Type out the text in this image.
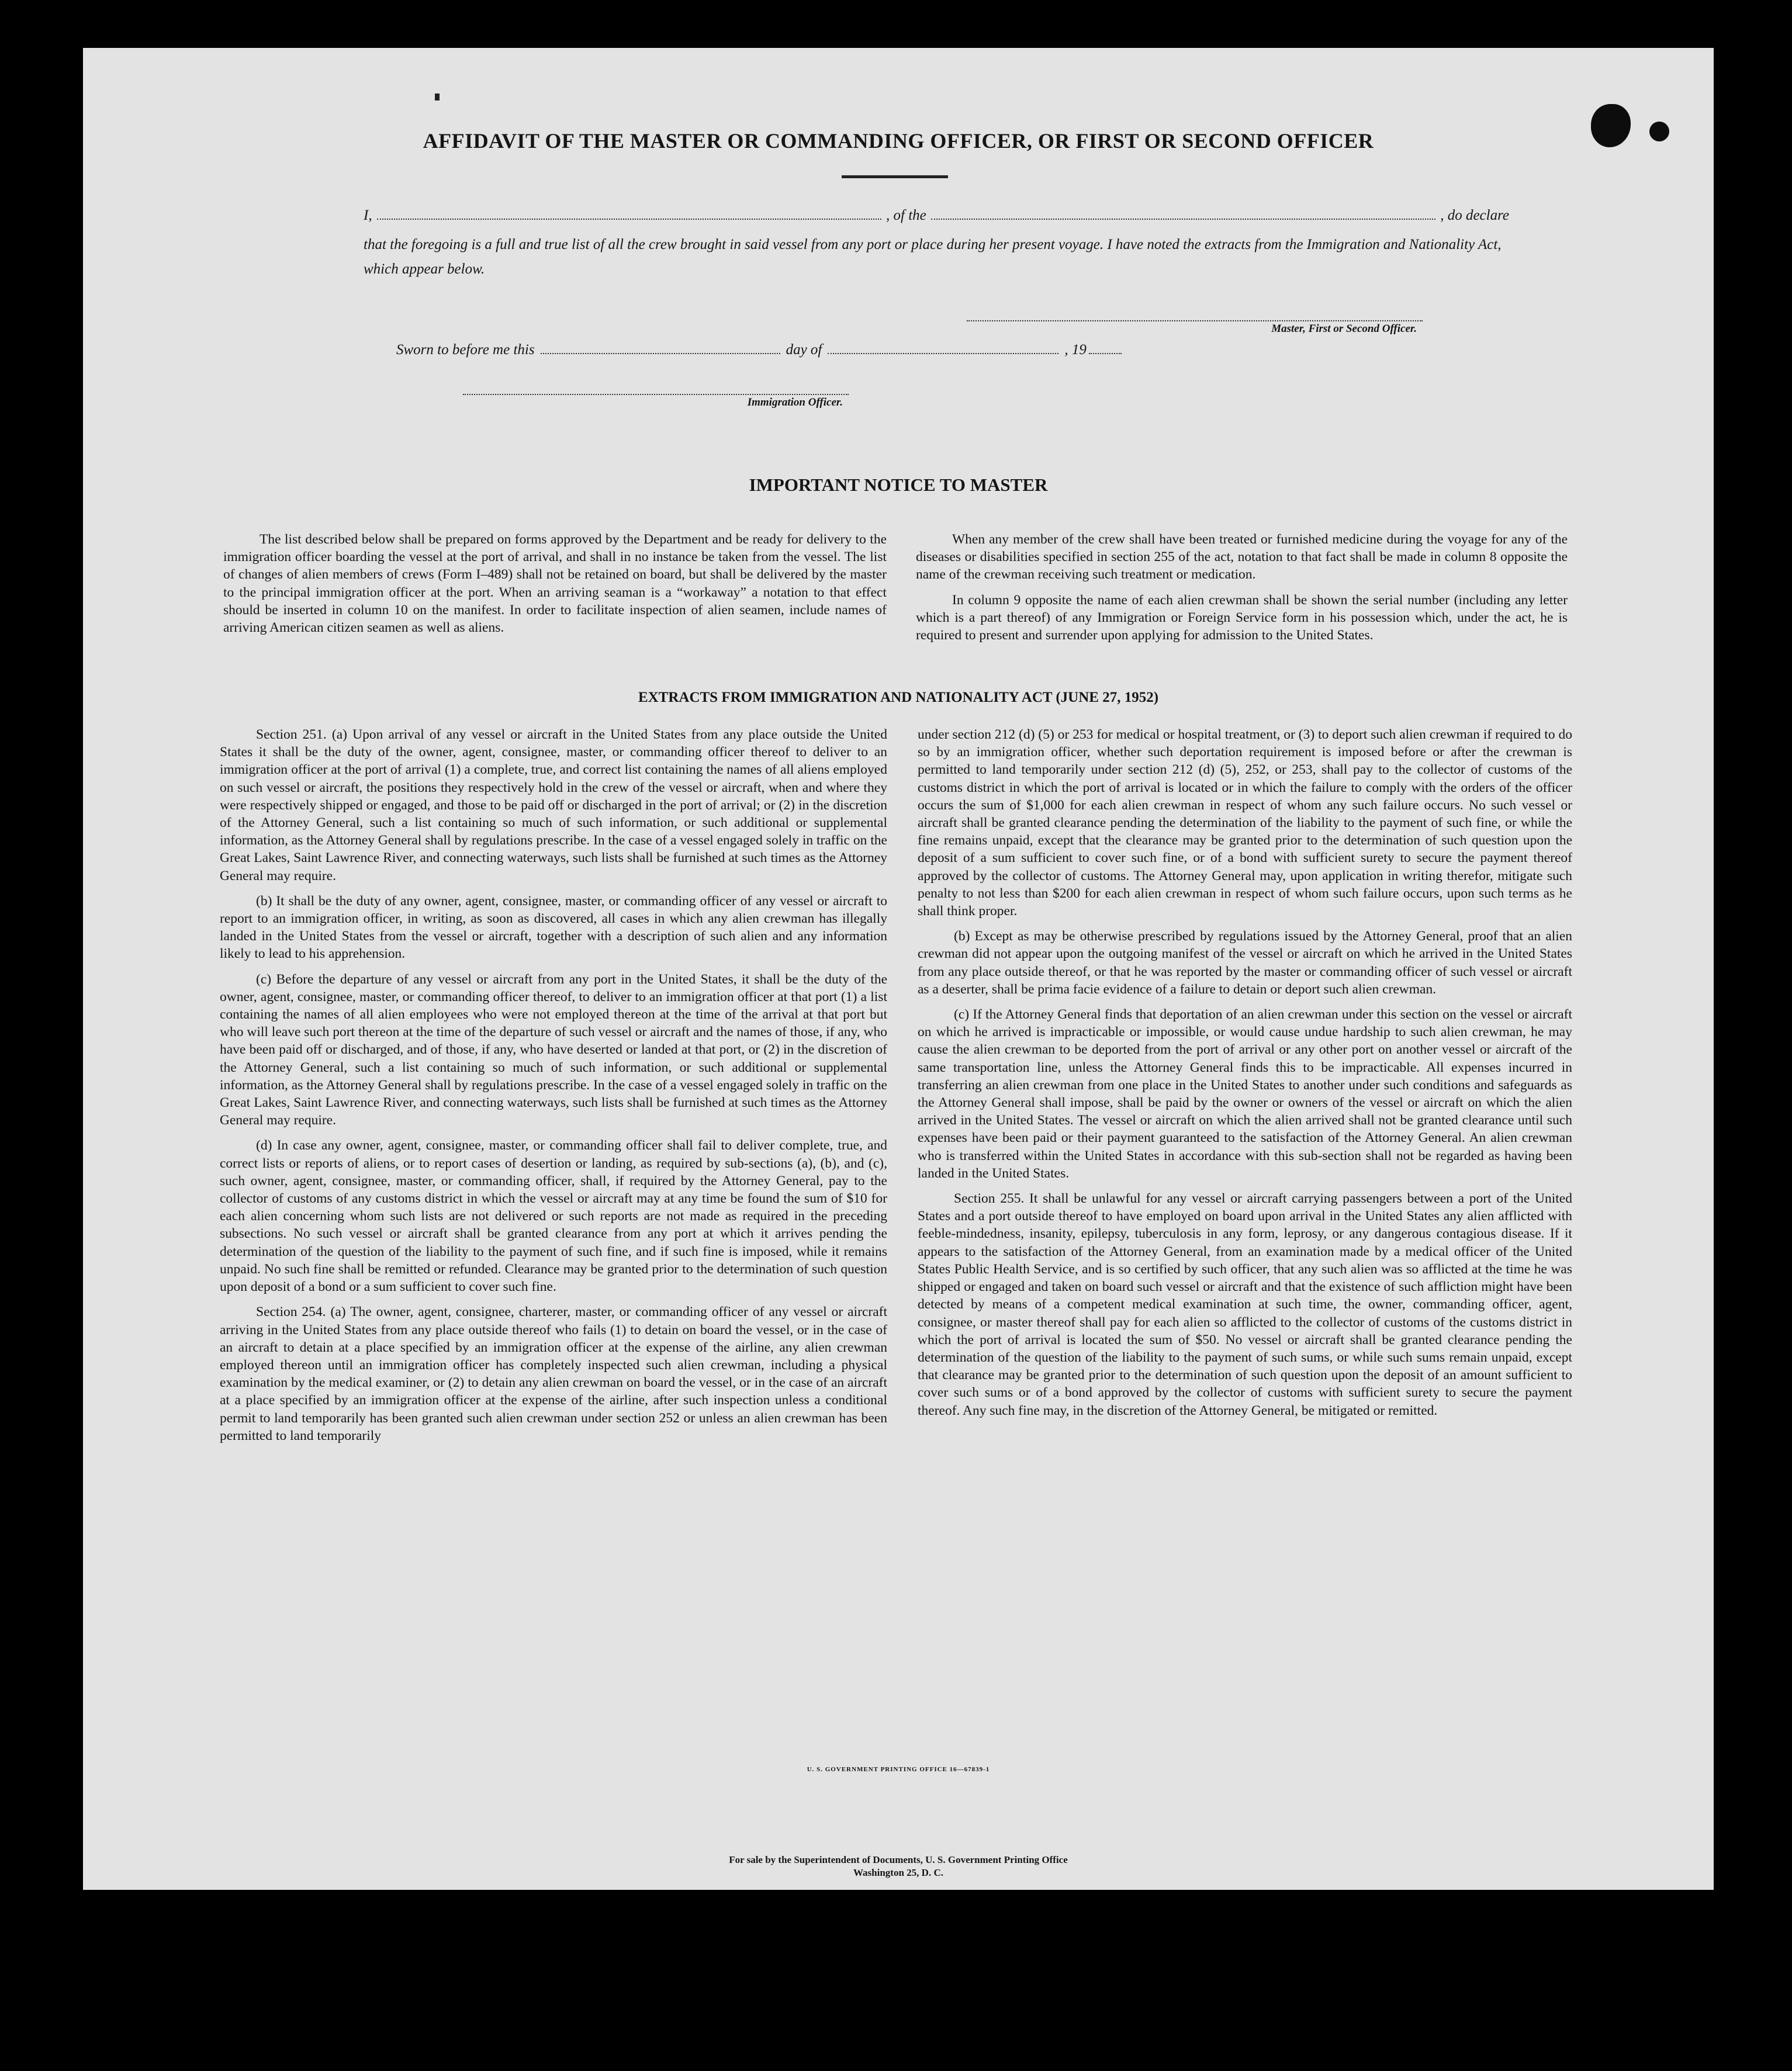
AFFIDAVIT OF THE MASTER OR COMMANDING OFFICER, OR FIRST OR SECOND OFFICER
I,	, of the	, do declare
that the foregoing is a full and true list of all the crew brought in said vessel from any port or place during her present voyage. I have noted the extracts from the Immigration and Nationality Act, which appear below.
Master, First or Second Officer.
Sworn to before me this	day of	, 19
Immigration Officer.
IMPORTANT NOTICE TO MASTER

The list described below shall be prepared on forms approved by the Department and be ready for delivery to the immigration officer boarding the vessel at the port of arrival, and shall in no instance be taken from the vessel. The list of changes of alien members of crews (Form I–489) shall not be retained on board, but shall be delivered by the master to the principal immigration officer at the port. When an arriving seaman is a “workaway” a notation to that effect should be inserted in column 10 on the manifest. In order to facilitate inspection of alien seamen, include names of arriving American citizen seamen as well as aliens.

When any member of the crew shall have been treated or furnished medicine during the voyage for any of the diseases or disabilities specified in section 255 of the act, notation to that fact shall be made in column 8 opposite the name of the crewman receiving such treatment or medication.

In column 9 opposite the name of each alien crewman shall be shown the serial number (including any letter which is a part thereof) of any Immigration or Foreign Service form in his possession which, under the act, he is required to present and surrender upon applying for admission to the United States.

EXTRACTS FROM IMMIGRATION AND NATIONALITY ACT (JUNE 27, 1952)

Section 251. (a) Upon arrival of any vessel or aircraft in the United States from any place outside the United States it shall be the duty of the owner, agent, consignee, master, or commanding officer thereof to deliver to an immigration officer at the port of arrival (1) a complete, true, and correct list containing the names of all aliens employed on such vessel or aircraft, the positions they respectively hold in the crew of the vessel or aircraft, when and where they were respectively shipped or engaged, and those to be paid off or discharged in the port of arrival; or (2) in the discretion of the Attorney General, such a list containing so much of such information, or such additional or supplemental information, as the Attorney General shall by regulations prescribe. In the case of a vessel engaged solely in traffic on the Great Lakes, Saint Lawrence River, and connecting waterways, such lists shall be furnished at such times as the Attorney General may require.

(b) It shall be the duty of any owner, agent, consignee, master, or commanding officer of any vessel or aircraft to report to an immigration officer, in writing, as soon as discovered, all cases in which any alien crewman has illegally landed in the United States from the vessel or aircraft, together with a description of such alien and any information likely to lead to his apprehension.

(c) Before the departure of any vessel or aircraft from any port in the United States, it shall be the duty of the owner, agent, consignee, master, or commanding officer thereof, to deliver to an immigration officer at that port (1) a list containing the names of all alien employees who were not employed thereon at the time of the arrival at that port but who will leave such port thereon at the time of the departure of such vessel or aircraft and the names of those, if any, who have been paid off or discharged, and of those, if any, who have deserted or landed at that port, or (2) in the discretion of the Attorney General, such a list containing so much of such information, or such additional or supplemental information, as the Attorney General shall by regulations prescribe. In the case of a vessel engaged solely in traffic on the Great Lakes, Saint Lawrence River, and connecting waterways, such lists shall be furnished at such times as the Attorney General may require.

(d) In case any owner, agent, consignee, master, or commanding officer shall fail to deliver complete, true, and correct lists or reports of aliens, or to report cases of desertion or landing, as required by sub-sections (a), (b), and (c), such owner, agent, consignee, master, or commanding officer, shall, if required by the Attorney General, pay to the collector of customs of any customs district in which the vessel or aircraft may at any time be found the sum of $10 for each alien concerning whom such lists are not delivered or such reports are not made as required in the preceding subsections. No such vessel or aircraft shall be granted clearance from any port at which it arrives pending the determination of the question of the liability to the payment of such fine, and if such fine is imposed, while it remains unpaid. No such fine shall be remitted or refunded. Clearance may be granted prior to the determination of such question upon deposit of a bond or a sum sufficient to cover such fine.

Section 254. (a) The owner, agent, consignee, charterer, master, or commanding officer of any vessel or aircraft arriving in the United States from any place outside thereof who fails (1) to detain on board the vessel, or in the case of an aircraft to detain at a place specified by an immigration officer at the expense of the airline, any alien crewman employed thereon until an immigration officer has completely inspected such alien crewman, including a physical examination by the medical examiner, or (2) to detain any alien crewman on board the vessel, or in the case of an aircraft at a place specified by an immigration officer at the expense of the airline, after such inspection unless a conditional permit to land temporarily has been granted such alien crewman under section 252 or unless an alien crewman has been permitted to land temporarily

under section 212 (d) (5) or 253 for medical or hospital treatment, or (3) to deport such alien crewman if required to do so by an immigration officer, whether such deportation requirement is imposed before or after the crewman is permitted to land temporarily under section 212 (d) (5), 252, or 253, shall pay to the collector of customs of the customs district in which the port of arrival is located or in which the failure to comply with the orders of the officer occurs the sum of $1,000 for each alien crewman in respect of whom any such failure occurs. No such vessel or aircraft shall be granted clearance pending the determination of the liability to the payment of such fine, or while the fine remains unpaid, except that the clearance may be granted prior to the determination of such question upon the deposit of a sum sufficient to cover such fine, or of a bond with sufficient surety to secure the payment thereof approved by the collector of customs. The Attorney General may, upon application in writing therefor, mitigate such penalty to not less than $200 for each alien crewman in respect of whom such failure occurs, upon such terms as he shall think proper.

(b) Except as may be otherwise prescribed by regulations issued by the Attorney General, proof that an alien crewman did not appear upon the outgoing manifest of the vessel or aircraft on which he arrived in the United States from any place outside thereof, or that he was reported by the master or commanding officer of such vessel or aircraft as a deserter, shall be prima facie evidence of a failure to detain or deport such alien crewman.

(c) If the Attorney General finds that deportation of an alien crewman under this section on the vessel or aircraft on which he arrived is impracticable or impossible, or would cause undue hardship to such alien crewman, he may cause the alien crewman to be deported from the port of arrival or any other port on another vessel or aircraft of the same transportation line, unless the Attorney General finds this to be impracticable. All expenses incurred in transferring an alien crewman from one place in the United States to another under such conditions and safeguards as the Attorney General shall impose, shall be paid by the owner or owners of the vessel or aircraft on which the alien arrived in the United States. The vessel or aircraft on which the alien arrived shall not be granted clearance until such expenses have been paid or their payment guaranteed to the satisfaction of the Attorney General. An alien crewman who is transferred within the United States in accordance with this sub-section shall not be regarded as having been landed in the United States.

Section 255. It shall be unlawful for any vessel or aircraft carrying passengers between a port of the United States and a port outside thereof to have employed on board upon arrival in the United States any alien afflicted with feeble-mindedness, insanity, epilepsy, tuberculosis in any form, leprosy, or any dangerous contagious disease. If it appears to the satisfaction of the Attorney General, from an examination made by a medical officer of the United States Public Health Service, and is so certified by such officer, that any such alien was so afflicted at the time he was shipped or engaged and taken on board such vessel or aircraft and that the existence of such affliction might have been detected by means of a competent medical examination at such time, the owner, commanding officer, agent, consignee, or master thereof shall pay for each alien so afflicted to the collector of customs of the customs district in which the port of arrival is located the sum of $50. No vessel or aircraft shall be granted clearance pending the determination of the question of the liability to the payment of such sums, or while such sums remain unpaid, except that clearance may be granted prior to the determination of such question upon the deposit of an amount sufficient to cover such sums or of a bond approved by the collector of customs with sufficient surety to secure the payment thereof. Any such fine may, in the discretion of the Attorney General, be mitigated or remitted.

U. S. GOVERNMENT PRINTING OFFICE 16—67839-1
For sale by the Superintendent of Documents, U. S. Government Printing Office
Washington 25, D. C.
